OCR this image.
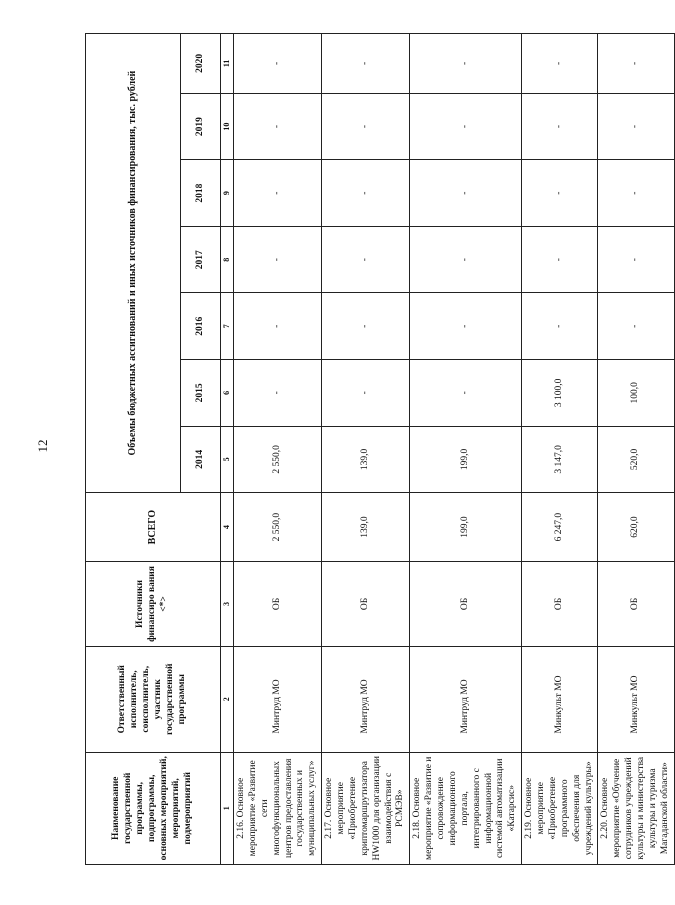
12
Наименование государственной программы, подпрограммы, основных мероприятий, мероприятий, подмероприятий	Ответственный исполнитель, соисполнитель, участник государственной программы	Источники финансиро вания <*>	ВСЕГО	Объемы бюджетных ассигнований и иных источников финансирования, тыс. рублей						
				2014	2015	2016	2017	2018	2019	2020
1	2	3	4	5	6	7	8	9	10	11
2.16. Основное мероприятие «Развитие сети многофункциональных центров предоставления государственных и муниципальных услуг»	Минтруд МО	ОБ	2 550,0	2 550,0	-	-	-	-	-	-
2.17. Основное мероприятие «Приобретение криптомаршрутизатора HW1000 для организации взаимодействия с РСМЭВ»	Минтруд МО	ОБ	139,0	139,0	-	-	-	-	-	-
2.18. Основное мероприятие «Развитие и сопровождение информационного портала, интегрированного с информационной системой автоматизации «Катарсис»	Минтруд МО	ОБ	199,0	199,0	-	-	-	-	-	-
2.19. Основное мероприятие «Приобретение программного обеспечения для учреждений культуры»	Минкульт МО	ОБ	6 247,0	3 147,0	3 100,0	-	-	-	-	-
2.20. Основное мероприятие «Обучение сотрудников учреждений культуры и министерства культуры и туризма Магаданской области»	Минкульт МО	ОБ	620,0	520,0	100,0	-	-	-	-	-
